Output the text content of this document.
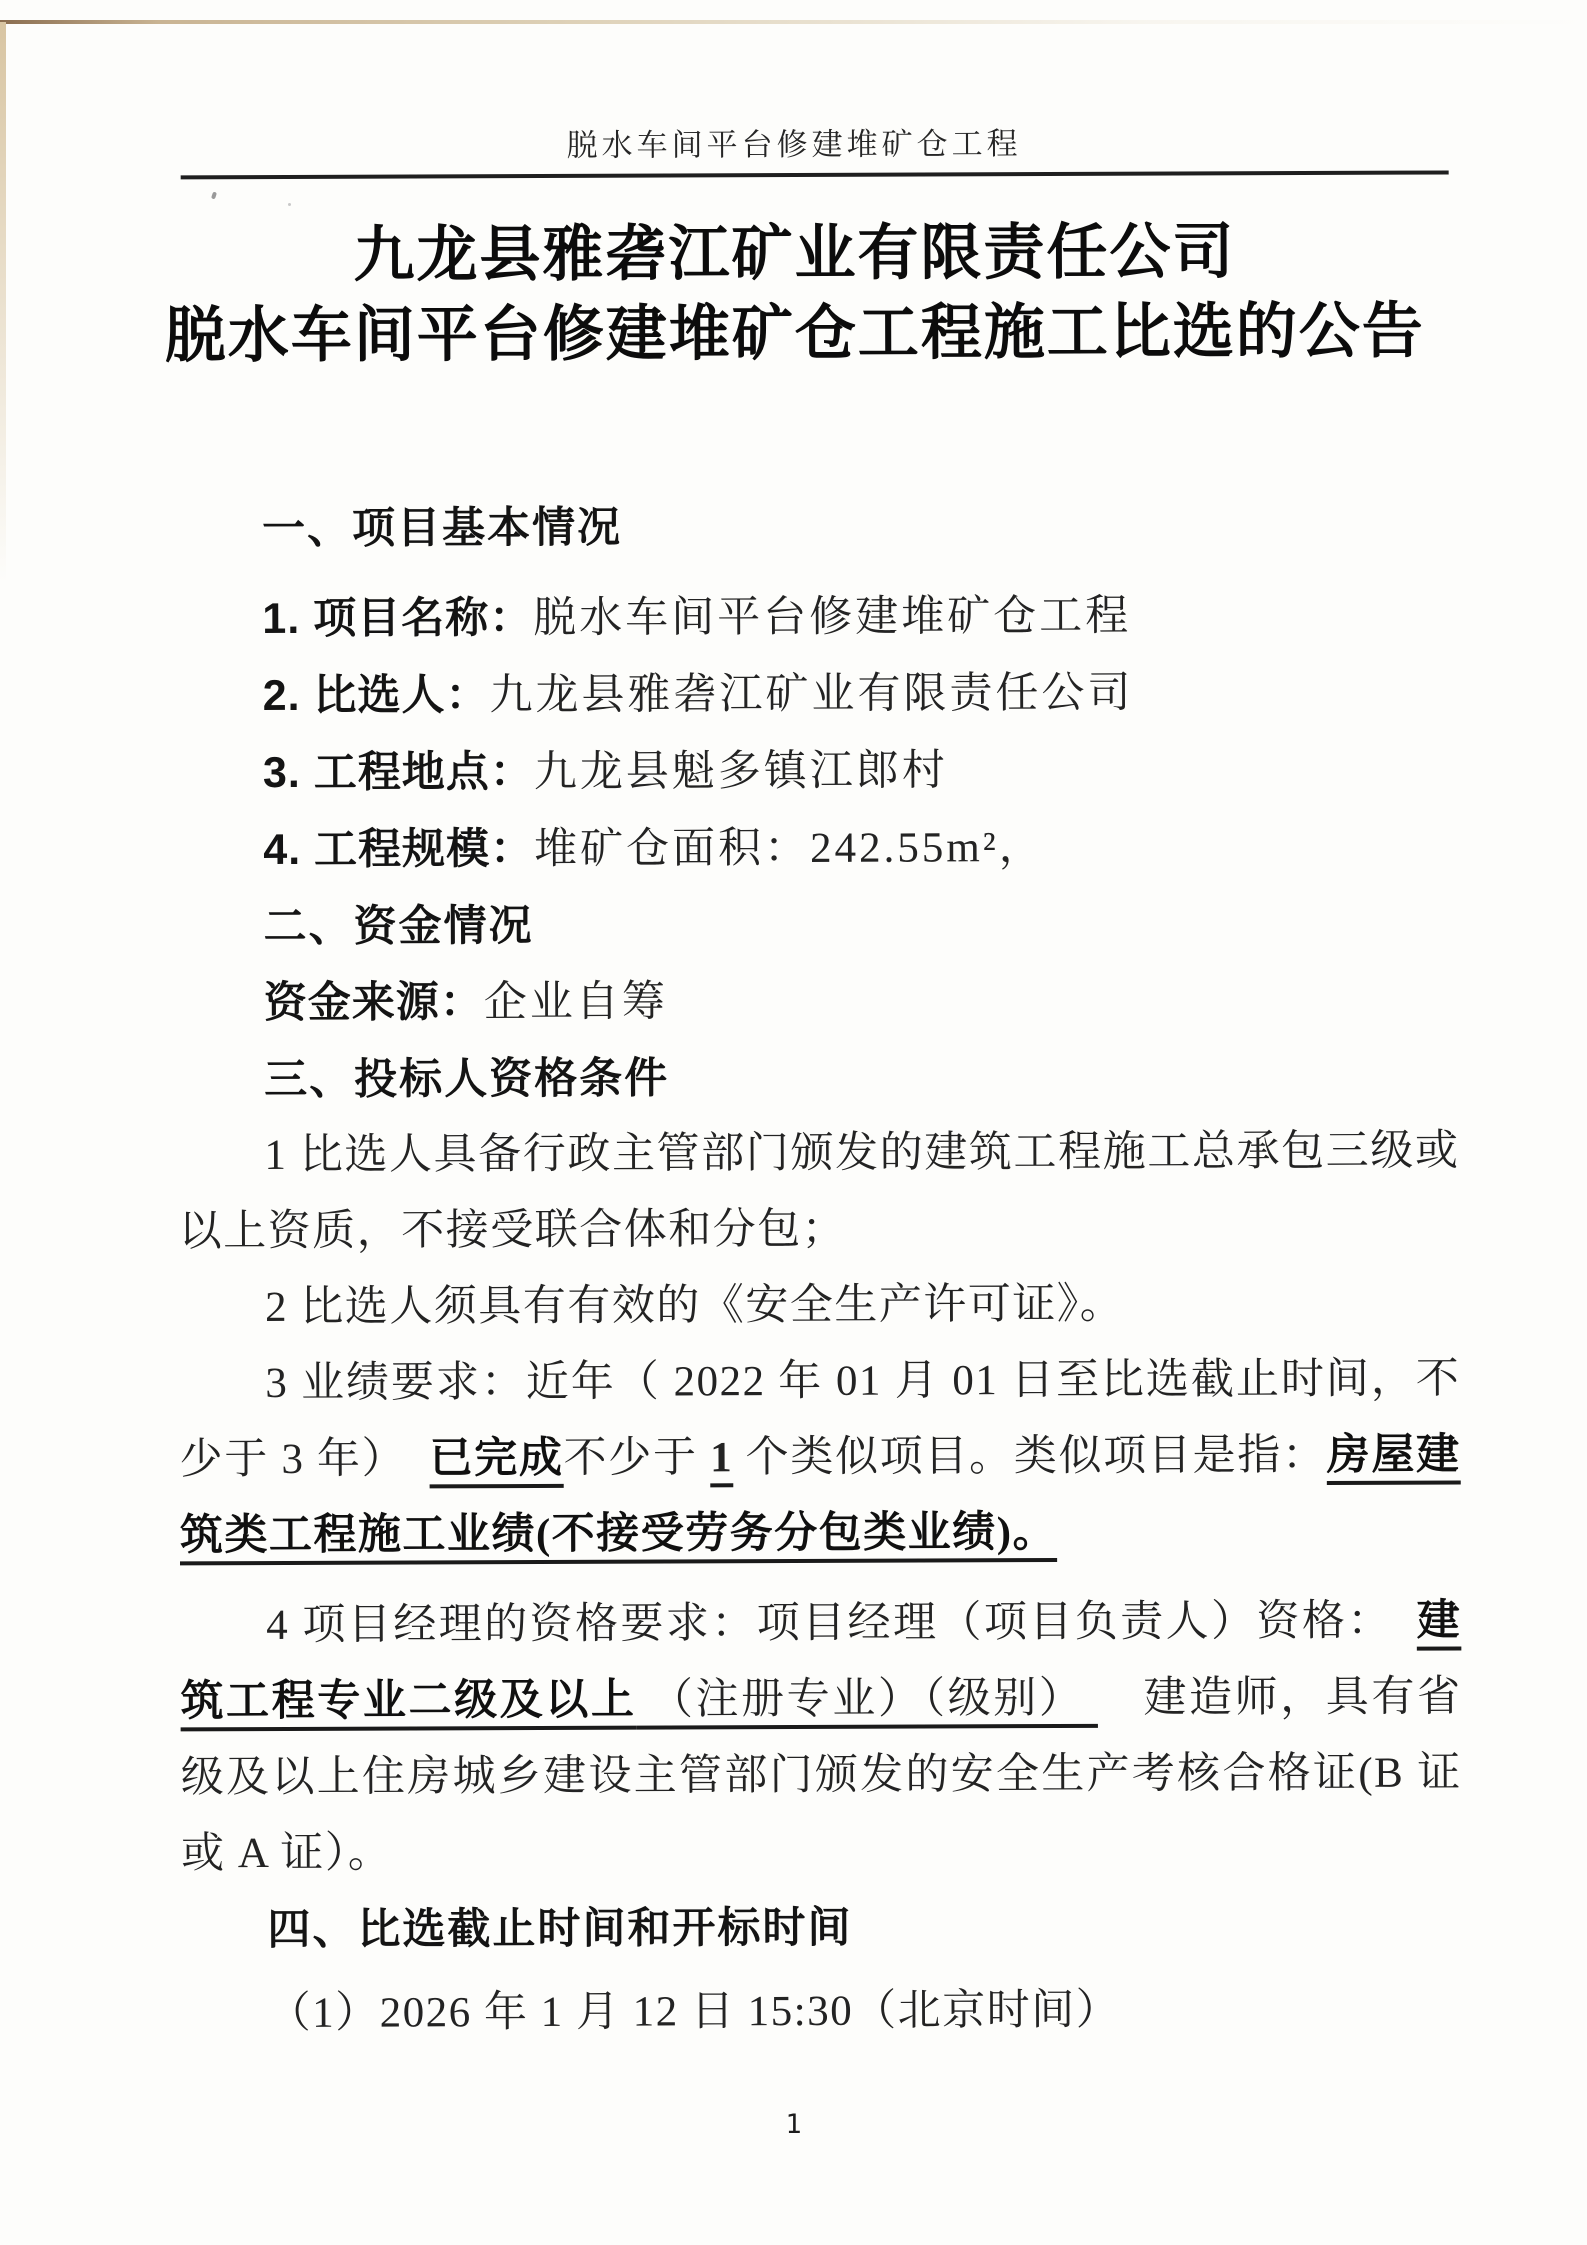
脱水车间平台修建堆矿仓工程
九龙县雅砻江矿业有限责任公司
脱水车间平台修建堆矿仓工程施工比选的公告
一、项目基本情况

1. 项目名称：脱水车间平台修建堆矿仓工程

2. 比选人：九龙县雅砻江矿业有限责任公司

3. 工程地点：九龙县魁多镇江郎村

4. 工程规模：堆矿仓面积：242.55m²，

二、资金情况

资金来源：企业自筹

三、投标人资格条件

1 比选人具备行政主管部门颁发的建筑工程施工总承包三级或以上资质，不接受联合体和分包；

2 比选人须具有有效的《安全生产许可证》。

3 业绩要求：近年（ 2022 年 01 月 01 日至比选截止时间，不少于 3 年）　已完成不少于 1 个类似项目。类似项目是指：房屋建筑类工程施工业绩(不接受劳务分包类业绩)。

4 项目经理的资格要求：项目经理（项目负责人）资格：　建筑工程专业二级及以上 （注册专业）（级别） 　建造师，具有省级及以上住房城乡建设主管部门颁发的安全生产考核合格证(B 证或 A 证）。

四、比选截止时间和开标时间

（1）2026 年 1 月 12 日 15:30（北京时间）

1
